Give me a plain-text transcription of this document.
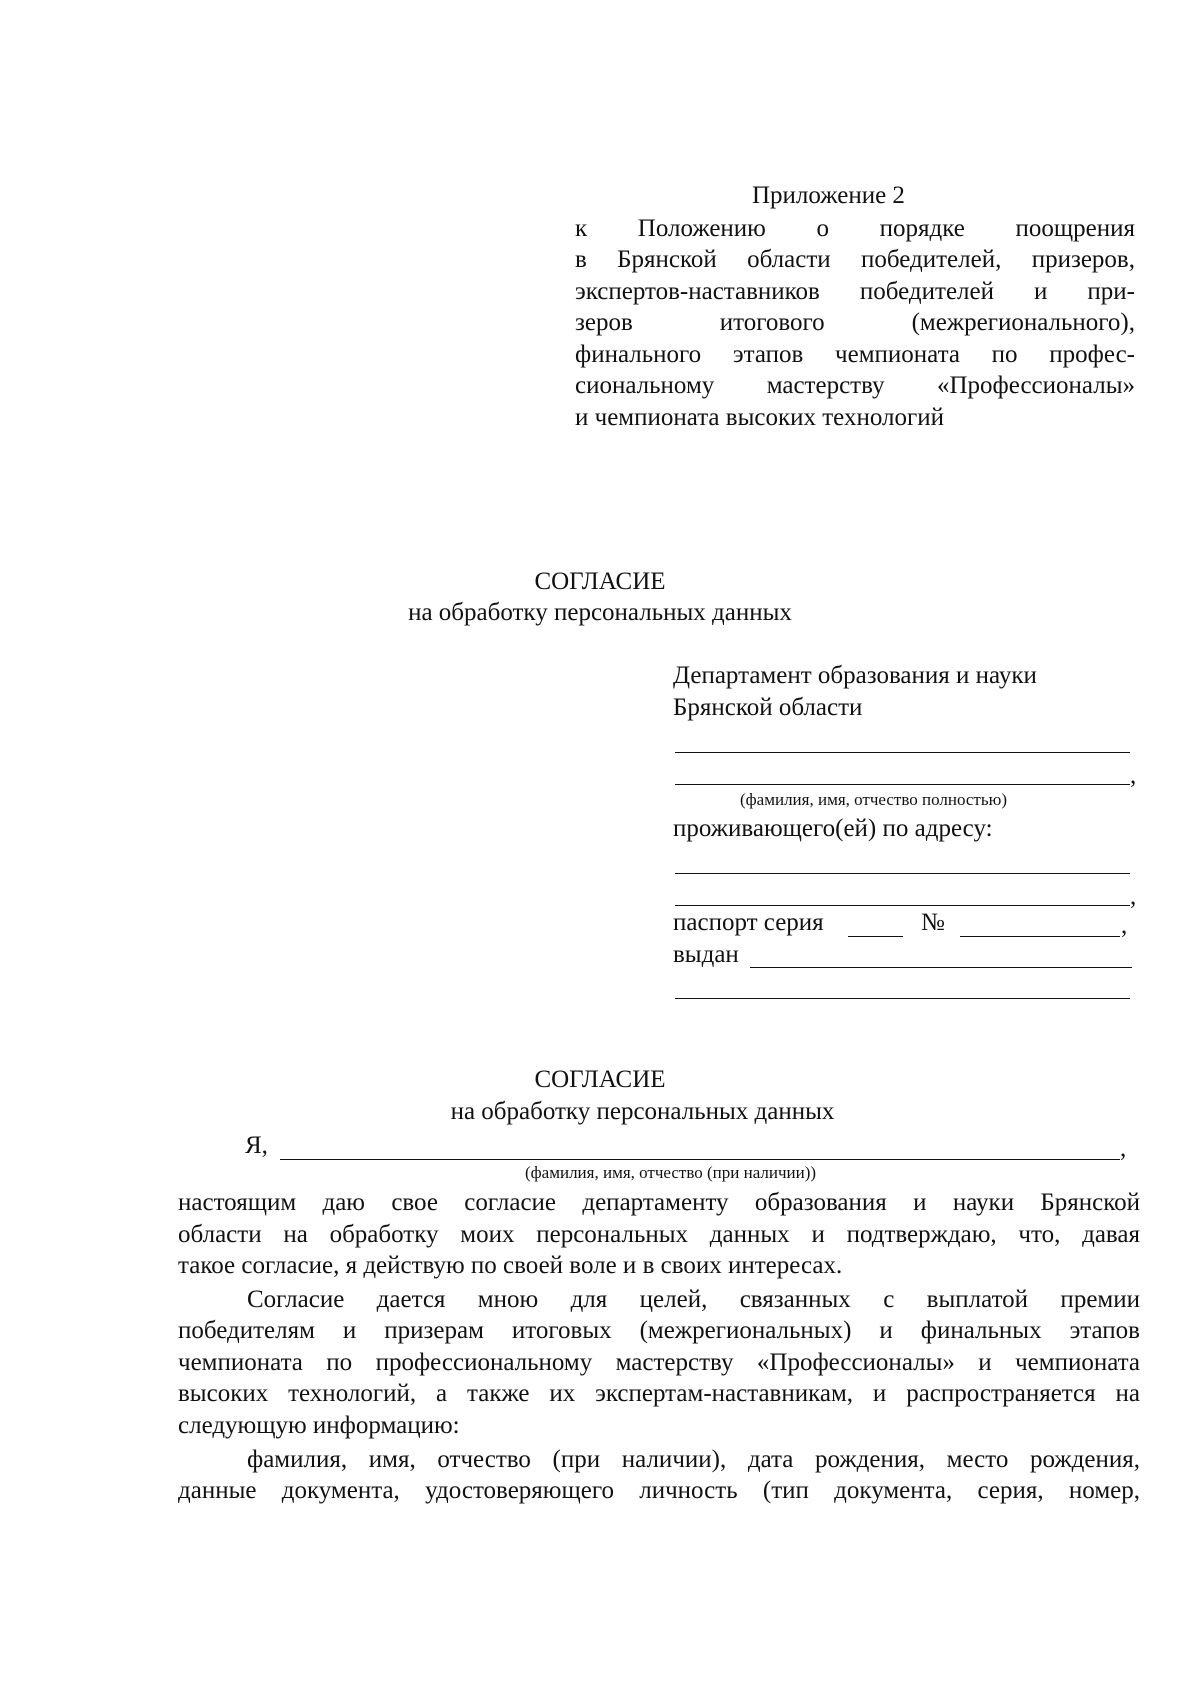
Приложение 2
к Положению о порядке поощрения
в Брянской области победителей, призеров,
экспертов-наставников победителей и при-
зеров итогового (межрегионального),
финального этапов чемпионата по профес-
сиональному мастерству «Профессионалы»
и чемпионата высоких технологий
СОГЛАСИЕ
на обработку персональных данных
Департамент образования и науки
Брянской области
,
(фамилия, имя, отчество полностью)
проживающего(ей) по адресу:
,
паспорт серия	№	,
выдан
СОГЛАСИЕ
на обработку персональных данных
Я,	,
(фамилия, имя, отчество (при наличии))
настоящим даю свое согласие департаменту образования и науки Брянской
области на обработку моих персональных данных и подтверждаю, что, давая
такое согласие, я действую по своей воле и в своих интересах.
Согласие дается мною для целей, связанных с выплатой премии
победителям и призерам итоговых (межрегиональных) и финальных этапов
чемпионата по профессиональному мастерству «Профессионалы» и чемпионата
высоких технологий, а также их экспертам-наставникам, и распространяется на
следующую информацию:
фамилия, имя, отчество (при наличии), дата рождения, место рождения,
данные документа, удостоверяющего личность (тип документа, серия, номер,
